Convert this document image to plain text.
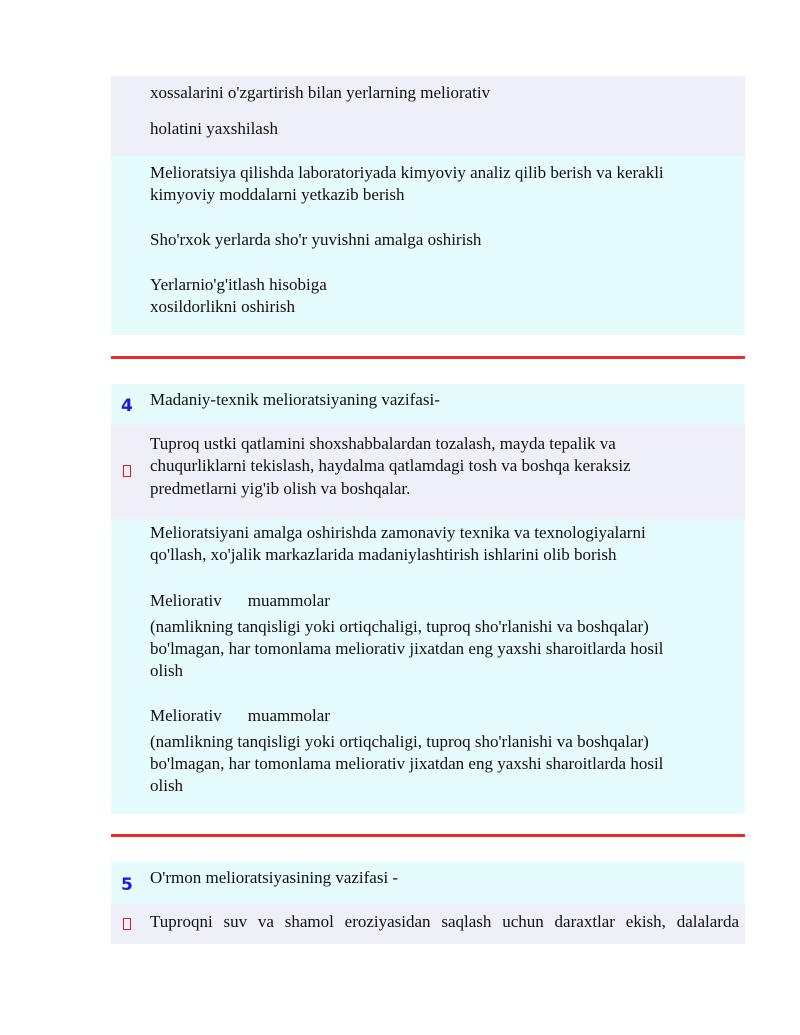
xossalarini o'zgartirish bilan yerlarning meliorativ
holatini yaxshilash
Melioratsiya qilishda laboratoriyada kimyoviy analiz qilib berish va kerakli
kimyoviy moddalarni yetkazib berish
Sho'rxok yerlarda sho'r yuvishni amalga oshirish
Yerlarnio'g'itlash hisobiga
xosildorlikni oshirish
4 Madaniy-texnik melioratsiyaning vazifasi-
Tuproq ustki qatlamini shoxshabbalardan tozalash, mayda tepalik va
chuqurliklarni tekislash, haydalma qatlamdagi tosh va boshqa keraksiz
predmetlarni yig'ib olish va boshqalar.
Melioratsiyani amalga oshirishda zamonaviy texnika va texnologiyalarni
qo'llash, xo'jalik markazlarida madaniylashtirish ishlarini olib borish
Meliorativ muammolar
(namlikning tanqisligi yoki ortiqchaligi, tuproq sho'rlanishi va boshqalar)
bo'lmagan, har tomonlama meliorativ jixatdan eng yaxshi sharoitlarda hosil
olish
Meliorativ muammolar
(namlikning tanqisligi yoki ortiqchaligi, tuproq sho'rlanishi va boshqalar)
bo'lmagan, har tomonlama meliorativ jixatdan eng yaxshi sharoitlarda hosil
olish
5 O'rmon melioratsiyasining vazifasi -
Tuproqni suv va shamol eroziyasidan saqlash uchun daraxtlar ekish, dalalarda
